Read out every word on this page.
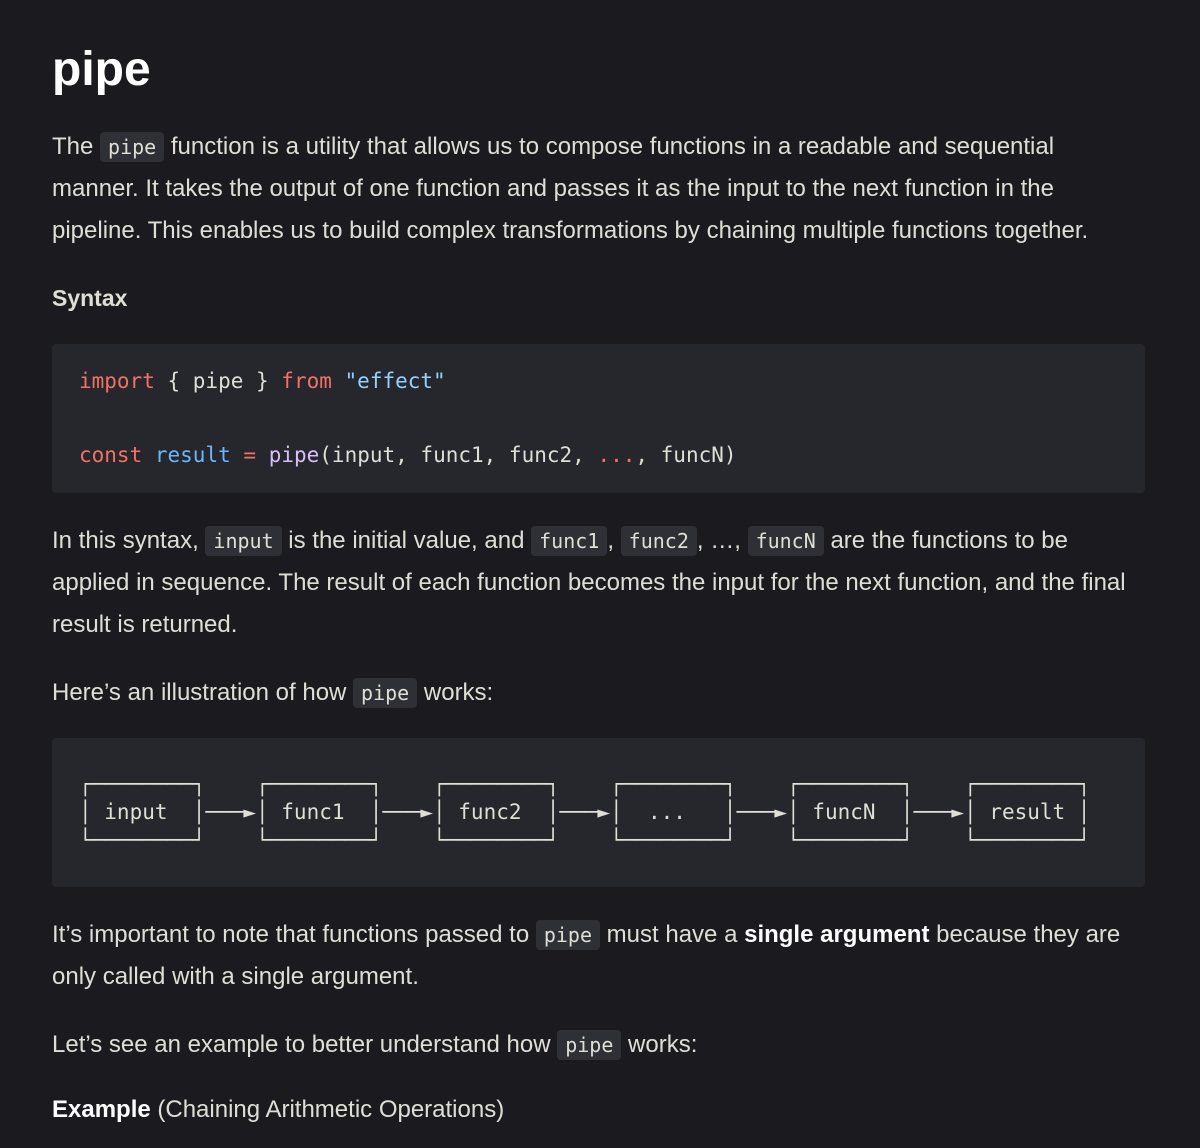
pipe

The pipe function is a utility that allows us to compose functions in a readable and sequential manner. It takes the output of one function and passes it as the input to the next function in the pipeline. This enables us to build complex transformations by chaining multiple functions together.

Syntax
import { pipe } from "effect"
const result = pipe(input, func1, func2, ..., funcN)

In this syntax, input is the initial value, and func1 , func2 , …, funcN are the functions to be applied in sequence. The result of each function becomes the input for the next function, and the final result is returned.

Here’s an illustration of how pipe works:

┌────────┐    ┌────────┐    ┌────────┐    ┌────────┐    ┌────────┐    ┌────────┐
│ input  │───►│ func1  │───►│ func2  │───►│  ...   │───►│ funcN  │───►│ result │
└────────┘    └────────┘    └────────┘    └────────┘    └────────┘    └────────┘

It’s important to note that functions passed to pipe must have a single argument because they are only called with a single argument.

Let’s see an example to better understand how pipe works:

Example (Chaining Arithmetic Operations)
